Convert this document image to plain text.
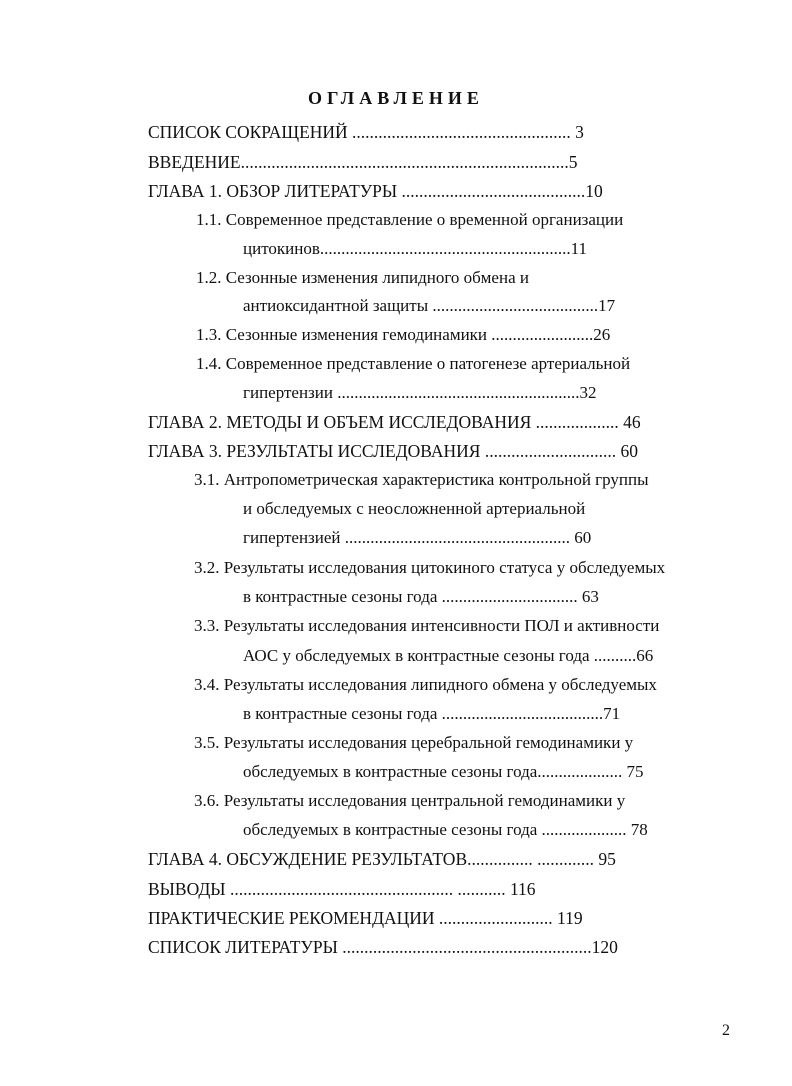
ОГЛАВЛЕНИЕ
СПИСОК СОКРАЩЕНИЙ .................................................. 3
ВВЕДЕНИЕ...........................................................................5
ГЛАВА 1. ОБЗОР ЛИТЕРАТУРЫ ..........................................10
1.1. Современное представление о временной организации
цитокинов...........................................................11
1.2. Сезонные изменения липидного обмена и
антиоксидантной защиты .......................................17
1.3. Сезонные изменения гемодинамики ........................26
1.4. Современное представление о патогенезе артериальной
гипертензии .........................................................32
ГЛАВА 2. МЕТОДЫ И ОБЪЕМ ИССЛЕДОВАНИЯ ................... 46
ГЛАВА 3. РЕЗУЛЬТАТЫ ИССЛЕДОВАНИЯ .............................. 60
3.1. Антропометрическая характеристика контрольной группы
и обследуемых с неосложненной артериальной
гипертензией ..................................................... 60
3.2. Результаты исследования цитокиного статуса у обследуемых
в контрастные сезоны года ................................ 63
3.3. Результаты исследования интенсивности ПОЛ и активности
АОС у обследуемых в контрастные сезоны года ..........66
3.4. Результаты исследования липидного обмена у обследуемых
в контрастные сезоны года ......................................71
3.5. Результаты исследования церебральной гемодинамики у
обследуемых в контрастные сезоны года.................... 75
3.6. Результаты исследования центральной гемодинамики у
обследуемых в контрастные сезоны года .................... 78
ГЛАВА 4. ОБСУЖДЕНИЕ РЕЗУЛЬТАТОВ............... ............. 95
ВЫВОДЫ ................................................... ........... 116
ПРАКТИЧЕСКИЕ РЕКОМЕНДАЦИИ .......................... 119
СПИСОК ЛИТЕРАТУРЫ .........................................................120
2
